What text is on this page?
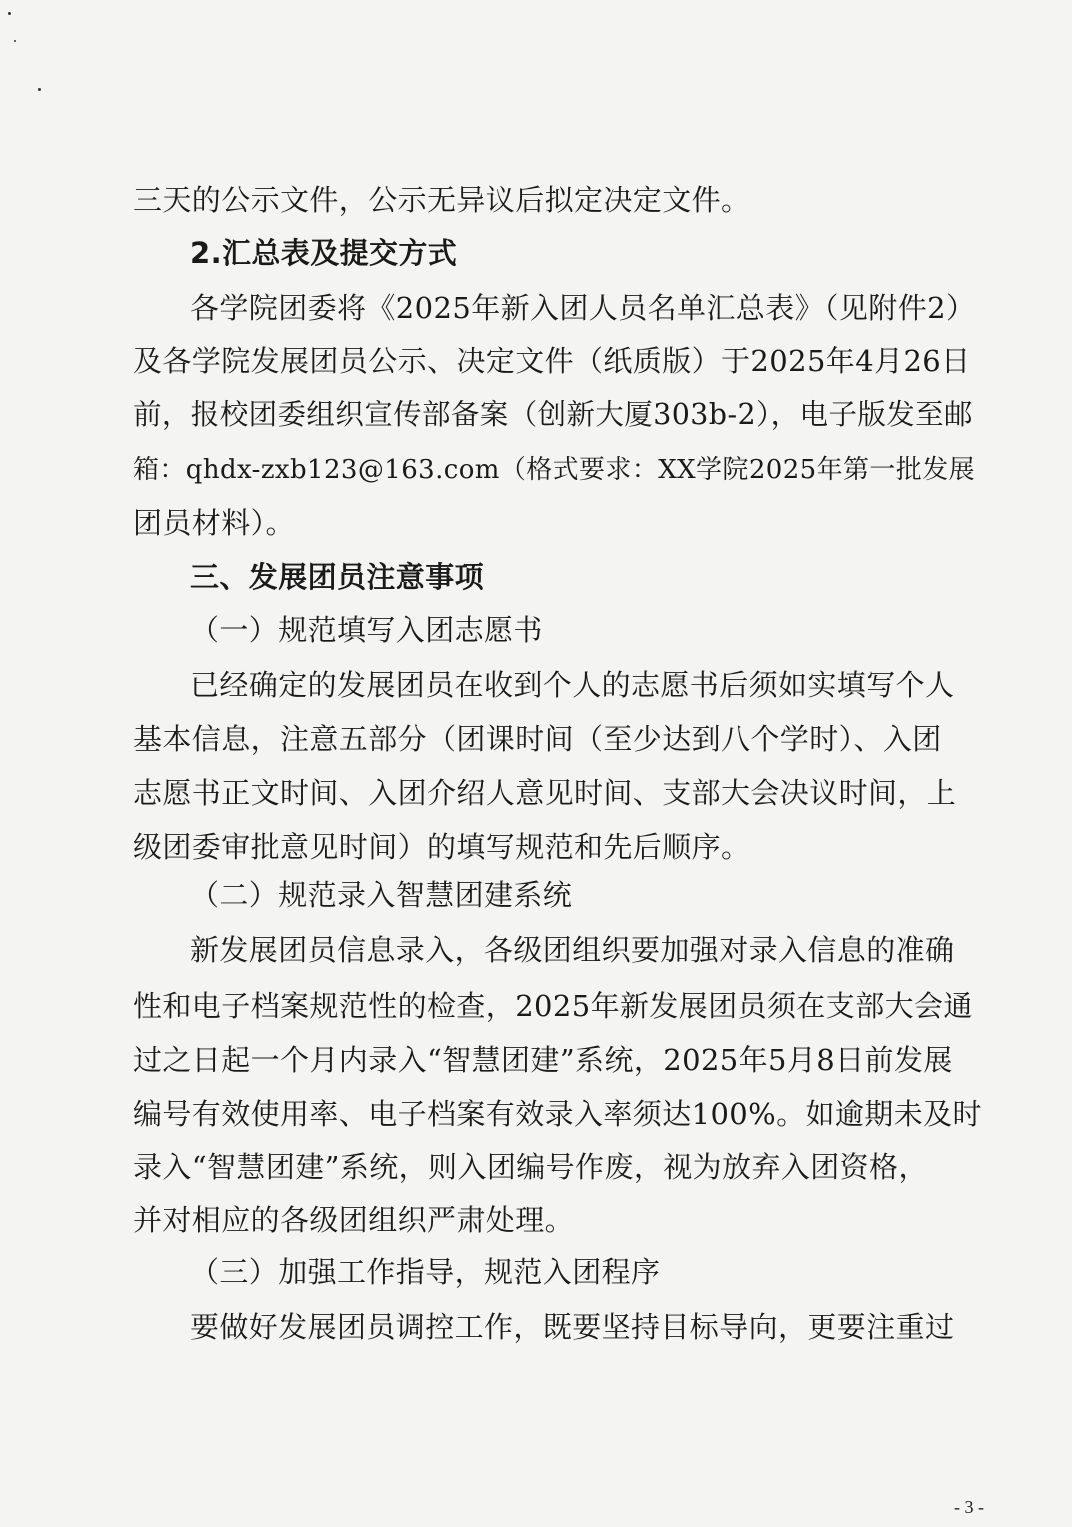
三天的公示文件，公示无异议后拟定决定文件。
2.汇总表及提交方式
各学院团委将《2025年新入团人员名单汇总表》（见附件2）
及各学院发展团员公示、决定文件（纸质版）于2025年4月26日
前，报校团委组织宣传部备案（创新大厦303b-2），电子版发至邮
箱：qhdx-zxb123@163.com（格式要求：XX学院2025年第一批发展
团员材料）。
三、发展团员注意事项
（一）规范填写入团志愿书
已经确定的发展团员在收到个人的志愿书后须如实填写个人
基本信息，注意五部分（团课时间（至少达到八个学时）、入团
志愿书正文时间、入团介绍人意见时间、支部大会决议时间，上
级团委审批意见时间）的填写规范和先后顺序。
（二）规范录入智慧团建系统
新发展团员信息录入，各级团组织要加强对录入信息的准确
性和电子档案规范性的检查，2025年新发展团员须在支部大会通
过之日起一个月内录入“智慧团建”系统，2025年5月8日前发展
编号有效使用率、电子档案有效录入率须达100%。如逾期未及时
录入“智慧团建”系统，则入团编号作废，视为放弃入团资格，
并对相应的各级团组织严肃处理。
（三）加强工作指导，规范入团程序
要做好发展团员调控工作，既要坚持目标导向，更要注重过
- 3 -
